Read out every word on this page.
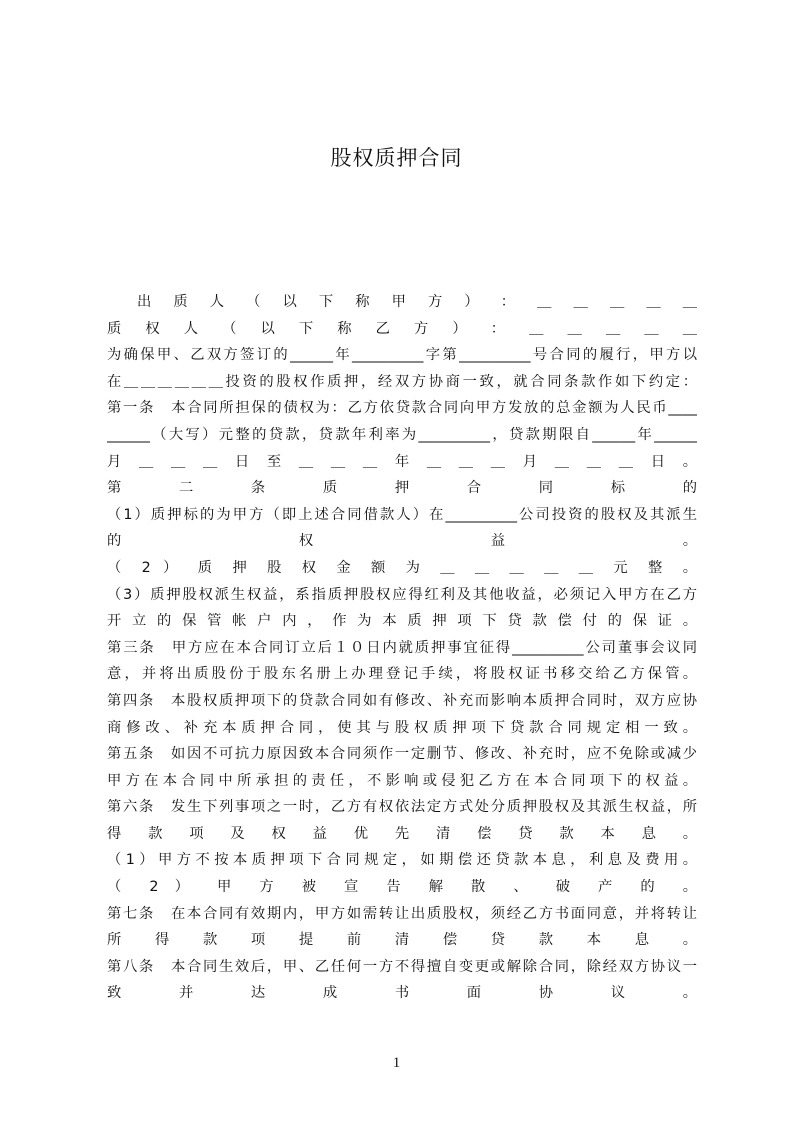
股权质押合同
出 质 人 （ 以 下 称 甲 方 ） ： ＿ ＿ ＿ ＿ ＿
质 权 人 （ 以 下 称 乙 方 ） ： ＿ ＿ ＿ ＿ ＿
为确保甲、乙双方签订的______年__________字第__________号合同的履行，甲方以
在＿＿＿＿＿＿投资的股权作质押，经双方协商一致，就合同条款作如下约定：
第一条　本合同所担保的债权为：乙方依贷款合同向甲方发放的总金额为人民币____
______（大写）元整的贷款，贷款年利率为__________，贷款期限自______年______
月 ＿ ＿ ＿ 日 至 ＿ ＿ ＿ 年 ＿ ＿ ＿ 月 ＿ ＿ ＿ 日 。
第 二 条 质 押 合 同 标 的
（1）质押标的为甲方（即上述合同借款人）在__________公司投资的股权及其派生
的 权 益 。
（ 2 ） 质 押 股 权 金 额 为 ＿ ＿ ＿ ＿ ＿ 元 整 。
（3）质押股权派生权益，系指质押股权应得红利及其他收益，必须记入甲方在乙方
开立的保管帐户内，作为本质押项下贷款偿付的保证。
第三条　甲方应在本合同订立后１０日内就质押事宜征得__________公司董事会议同
意，并将出质股份于股东名册上办理登记手续，将股权证书移交给乙方保管。
第四条　本股权质押项下的贷款合同如有修改、补充而影响本质押合同时，双方应协
商修改、补充本质押合同，使其与股权质押项下贷款合同规定相一致。
第五条　如因不可抗力原因致本合同须作一定删节、修改、补充时，应不免除或减少
甲方在本合同中所承担的责任，不影响或侵犯乙方在本合同项下的权益。
第六条　发生下列事项之一时，乙方有权依法定方式处分质押股权及其派生权益，所
得 款 项 及 权 益 优 先 清 偿 贷 款 本 息 。
（1）甲方不按本质押项下合同规定，如期偿还贷款本息，利息及费用。
（ 2 ） 甲 方 被 宣 告 解 散 、 破 产 的 。
第七条　在本合同有效期内，甲方如需转让出质股权，须经乙方书面同意，并将转让
所 得 款 项 提 前 清 偿 贷 款 本 息 。
第八条　本合同生效后，甲、乙任何一方不得擅自变更或解除合同，除经双方协议一
致 并 达 成 书 面 协 议 。
1
